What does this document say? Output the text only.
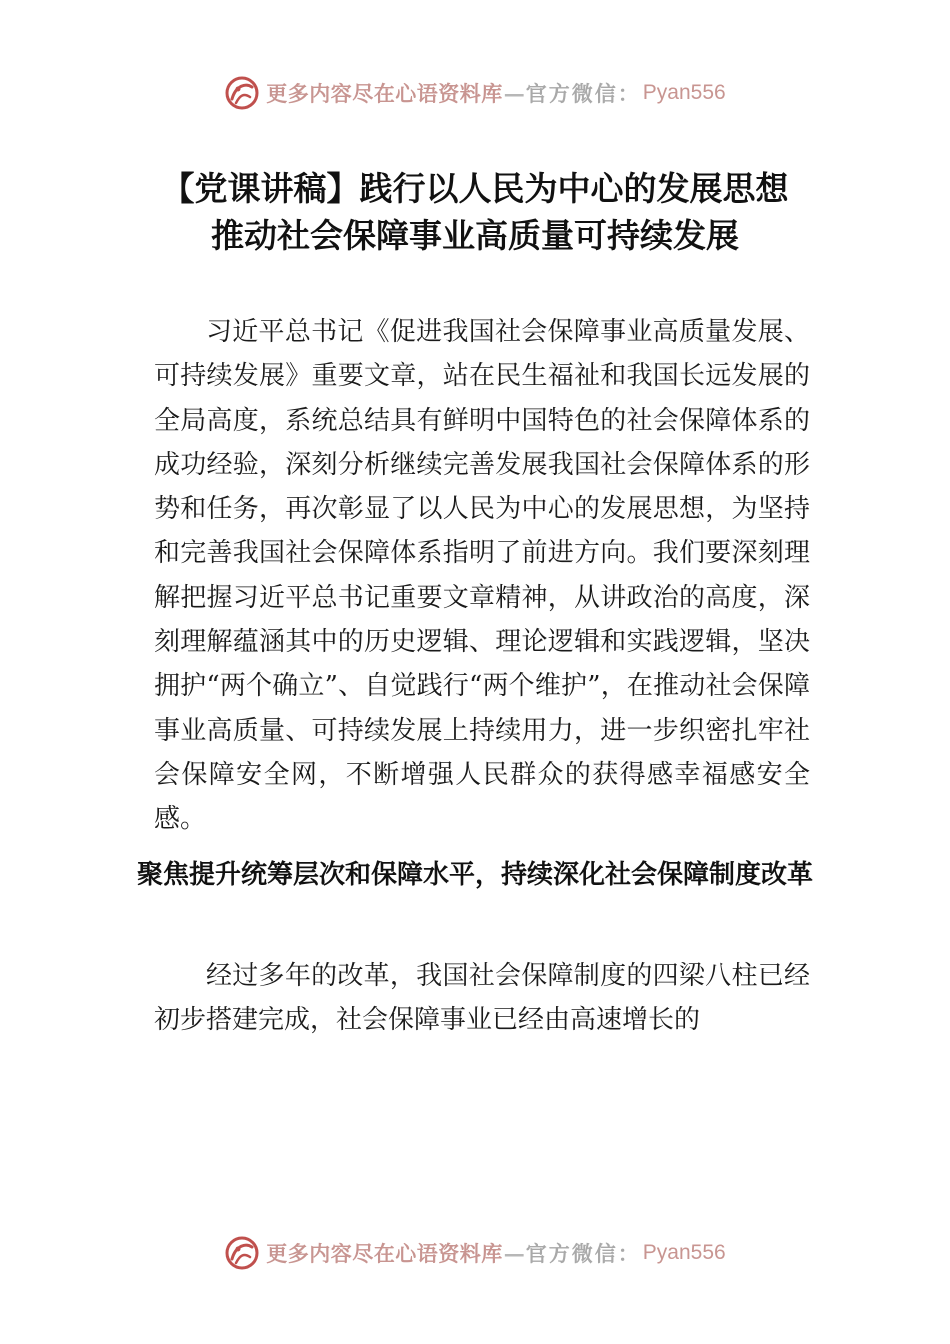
更多内容尽在心语资料库 — 官方微信： Pyan556
【党课讲稿】践行以人民为中心的发展思想
推动社会保障事业高质量可持续发展

习近平总书记《促进我国社会保障事业高质量发展、可持续发展》重要文章，站在民生福祉和我国长远发展的全局高度，系统总结具有鲜明中国特色的社会保障体系的成功经验，深刻分析继续完善发展我国社会保障体系的形势和任务，再次彰显了以人民为中心的发展思想，为坚持和完善我国社会保障体系指明了前进方向。我们要深刻理解把握习近平总书记重要文章精神，从讲政治的高度，深刻理解蕴涵其中的历史逻辑、理论逻辑和实践逻辑，坚决拥护“两个确立”、自觉践行“两个维护”，在推动社会保障事业高质量、可持续发展上持续用力，进一步织密扎牢社会保障安全网，不断增强人民群众的获得感幸福感安全感。

聚焦提升统筹层次和保障水平，持续深化社会保障制度改革

经过多年的改革，我国社会保障制度的四梁八柱已经初步搭建完成，社会保障事业已经由高速增长的

更多内容尽在心语资料库 — 官方微信： Pyan556
